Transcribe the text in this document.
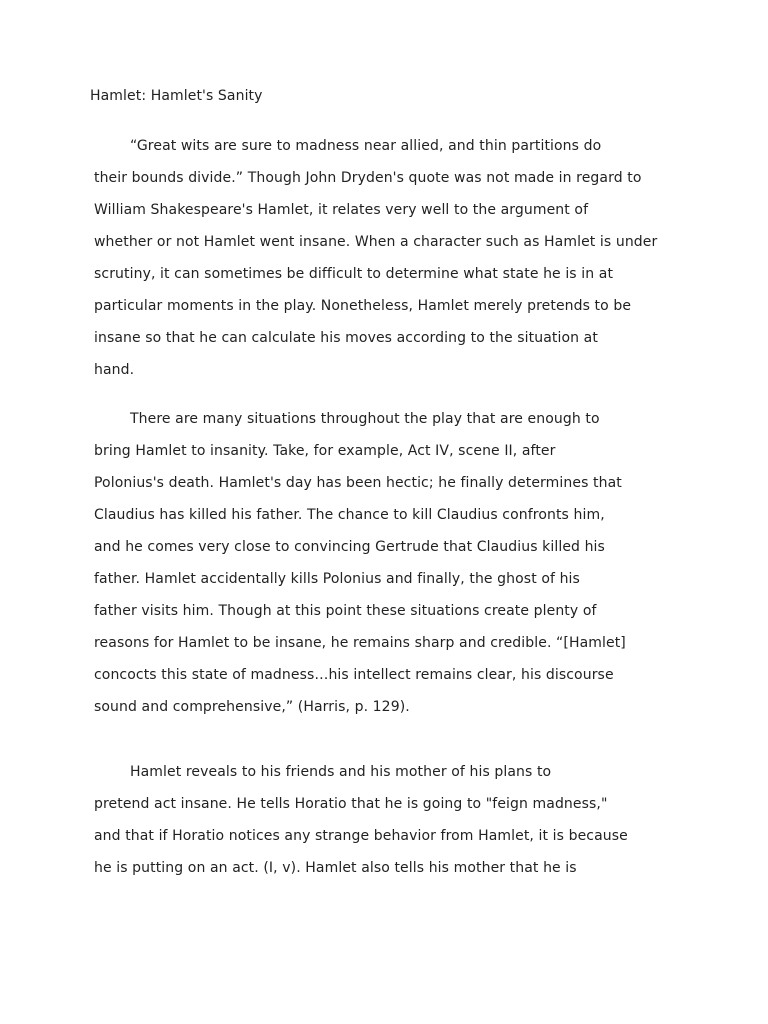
Hamlet: Hamlet's Sanity
“Great wits are sure to madness near allied, and thin partitions do
their bounds divide.” Though John Dryden's quote was not made in regard to
William Shakespeare's Hamlet, it relates very well to the argument of
whether or not Hamlet went insane. When a character such as Hamlet is under
scrutiny, it can sometimes be difficult to determine what state he is in at
particular moments in the play. Nonetheless, Hamlet merely pretends to be
insane so that he can calculate his moves according to the situation at
hand.
There are many situations throughout the play that are enough to
bring Hamlet to insanity. Take, for example, Act IV, scene II, after
Polonius's death. Hamlet's day has been hectic; he finally determines that
Claudius has killed his father. The chance to kill Claudius confronts him,
and he comes very close to convincing Gertrude that Claudius killed his
father. Hamlet accidentally kills Polonius and finally, the ghost of his
father visits him. Though at this point these situations create plenty of
reasons for Hamlet to be insane, he remains sharp and credible. “[Hamlet]
concocts this state of madness…his intellect remains clear, his discourse
sound and comprehensive,” (Harris, p. 129).
Hamlet reveals to his friends and his mother of his plans to
pretend act insane. He tells Horatio that he is going to "feign madness,"
and that if Horatio notices any strange behavior from Hamlet, it is because
he is putting on an act. (I, v). Hamlet also tells his mother that he is
